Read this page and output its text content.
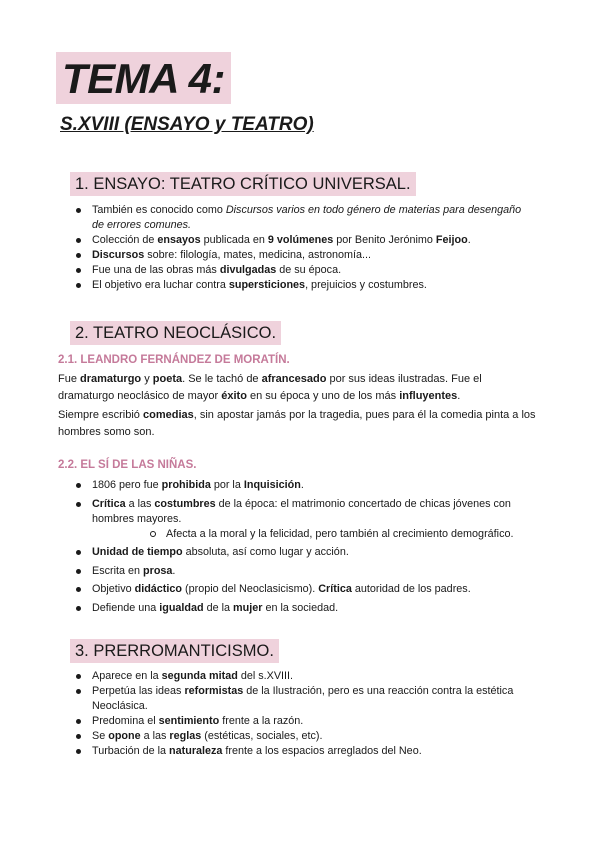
TEMA 4:
S.XVIII (ENSAYO y TEATRO)
1. ENSAYO: TEATRO CRÍTICO UNIVERSAL.
También es conocido como Discursos varios en todo género de materias para desengaño de errores comunes.
Colección de ensayos publicada en 9 volúmenes por Benito Jerónimo Feijoo.
Discursos sobre: filología, mates, medicina, astronomía...
Fue una de las obras más divulgadas de su época.
El objetivo era luchar contra supersticiones, prejuicios y costumbres.
2. TEATRO NEOCLÁSICO.
2.1. LEANDRO FERNÁNDEZ DE MORATÍN.
Fue dramaturgo y poeta. Se le tachó de afrancesado por sus ideas ilustradas. Fue el dramaturgo neoclásico de mayor éxito en su época y uno de los más influyentes.
Siempre escribió comedias, sin apostar jamás por la tragedia, pues para él la comedia pinta a los hombres somo son.
2.2. EL SÍ DE LAS NIÑAS.
1806 pero fue prohibida por la Inquisición.
Crítica a las costumbres de la época: el matrimonio concertado de chicas jóvenes con hombres mayores.
Afecta a la moral y la felicidad, pero también al crecimiento demográfico.
Unidad de tiempo absoluta, así como lugar y acción.
Escrita en prosa.
Objetivo didáctico (propio del Neoclasicismo). Crítica autoridad de los padres.
Defiende una igualdad de la mujer en la sociedad.
3. PRERROMANTICISMO.
Aparece en la segunda mitad del s.XVIII.
Perpetúa las ideas reformistas de la Ilustración, pero es una reacción contra la estética Neoclásica.
Predomina el sentimiento frente a la razón.
Se opone a las reglas (estéticas, sociales, etc).
Turbación de la naturaleza frente a los espacios arreglados del Neo.
